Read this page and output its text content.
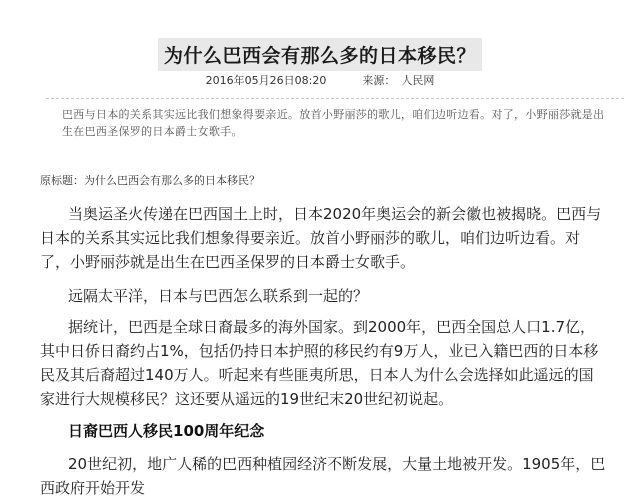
为什么巴西会有那么多的日本移民？
2016年05月26日08:20	来源： 人民网
巴西与日本的关系其实远比我们想象得要亲近。放首小野丽莎的歌儿，咱们边听边看。对了，小野丽莎就是出生在巴西圣保罗的日本爵士女歌手。
原标题：为什么巴西会有那么多的日本移民？
当奥运圣火传递在巴西国土上时，日本2020年奥运会的新会徽也被揭晓。巴西与日本的关系其实远比我们想象得要亲近。放首小野丽莎的歌儿，咱们边听边看。对了，小野丽莎就是出生在巴西圣保罗的日本爵士女歌手。
远隔太平洋，日本与巴西怎么联系到一起的？
据统计，巴西是全球日裔最多的海外国家。到2000年，巴西全国总人口1.7亿，其中日侨日裔约占1%，包括仍持日本护照的移民约有9万人，业已入籍巴西的日本移民及其后裔超过140万人。听起来有些匪夷所思，日本人为什么会选择如此遥远的国家进行大规模移民？这还要从遥远的19世纪末20世纪初说起。
日裔巴西人移民100周年纪念
20世纪初，地广人稀的巴西种植园经济不断发展，大量土地被开发。1905年，巴西政府开始开发
